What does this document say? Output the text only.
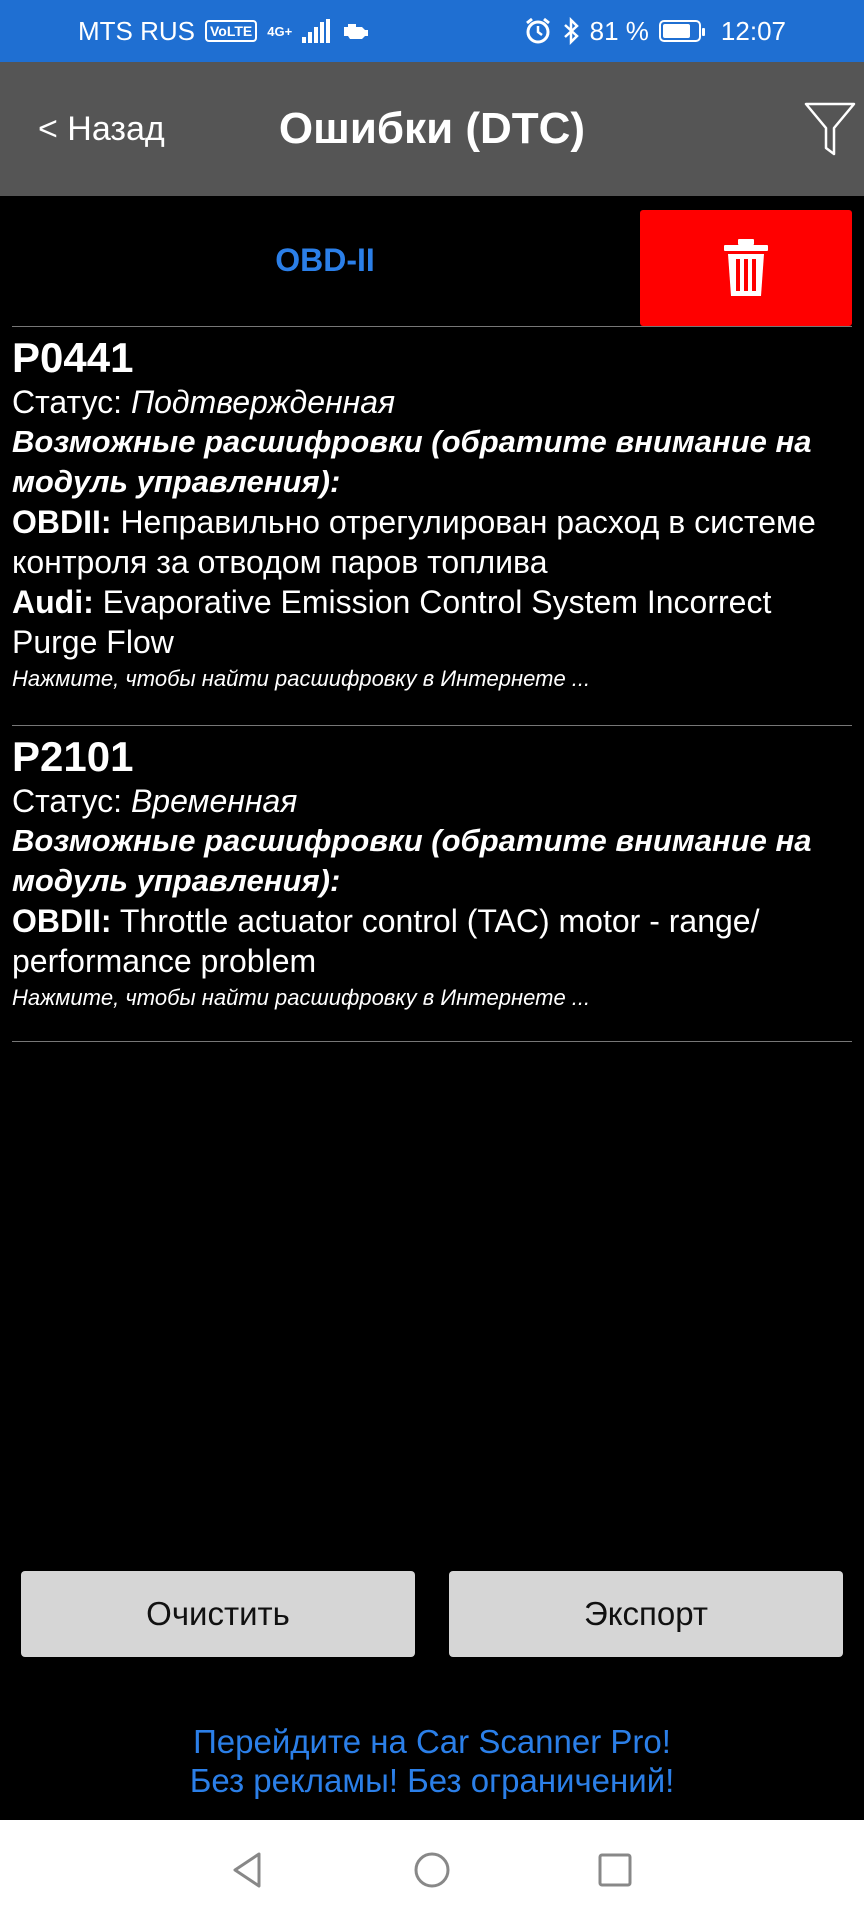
MTS RUS	VoLTE	4G+	81 %	12:07
< Назад	Ошибки (DTC)
OBD-II
P0441
Статус: Подтвержденная
Возможные расшифровки (обратите внимание на модуль управления):
OBDII: Неправильно отрегулирован расход в системе контроля за отводом паров топлива
Audi: Evaporative Emission Control System Incorrect Purge Flow
Нажмите, чтобы найти расшифровку в Интернете ...
P2101
Статус: Временная
Возможные расшифровки (обратите внимание на модуль управления):
OBDII: Throttle actuator control (TAC) motor - range/ performance problem
Нажмите, чтобы найти расшифровку в Интернете ...
Очистить	Экспорт
Перейдите на Car Scanner Pro!
Без рекламы! Без ограничений!
